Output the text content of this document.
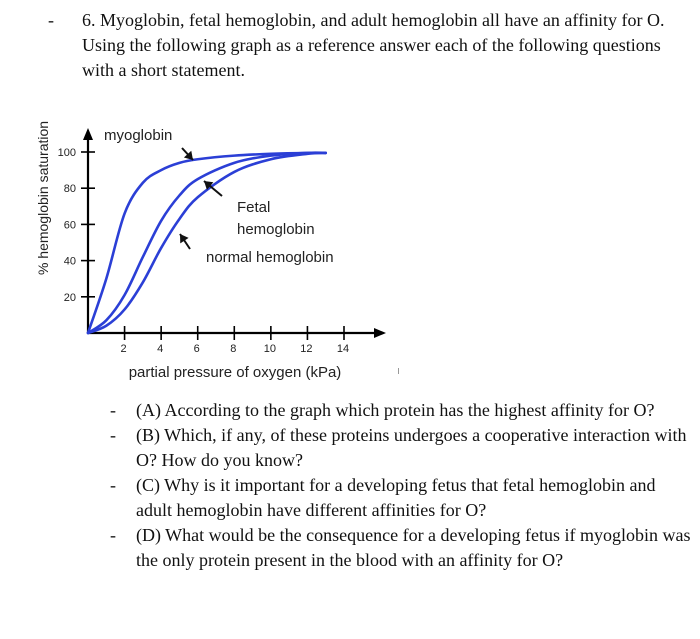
- 6. Myoglobin, fetal hemoglobin, and adult hemoglobin all have an affinity for O. Using the following graph as a reference answer each of the following questions with a short statement.
20
40
60
80
100
2	4	6	8 10 12 14
% hemoglobin saturation
partial pressure of oxygen (kPa)
myoglobin
Fetal
hemoglobin
normal hemoglobin
- (A) According to the graph which protein has the highest affinity for O?
- (B) Which, if any, of these proteins undergoes a cooperative interaction with O? How do you know?
- (C) Why is it important for a developing fetus that fetal hemoglobin and adult hemoglobin have different affinities for O?
- (D) What would be the consequence for a developing fetus if myoglobin was the only protein present in the blood with an affinity for O?
